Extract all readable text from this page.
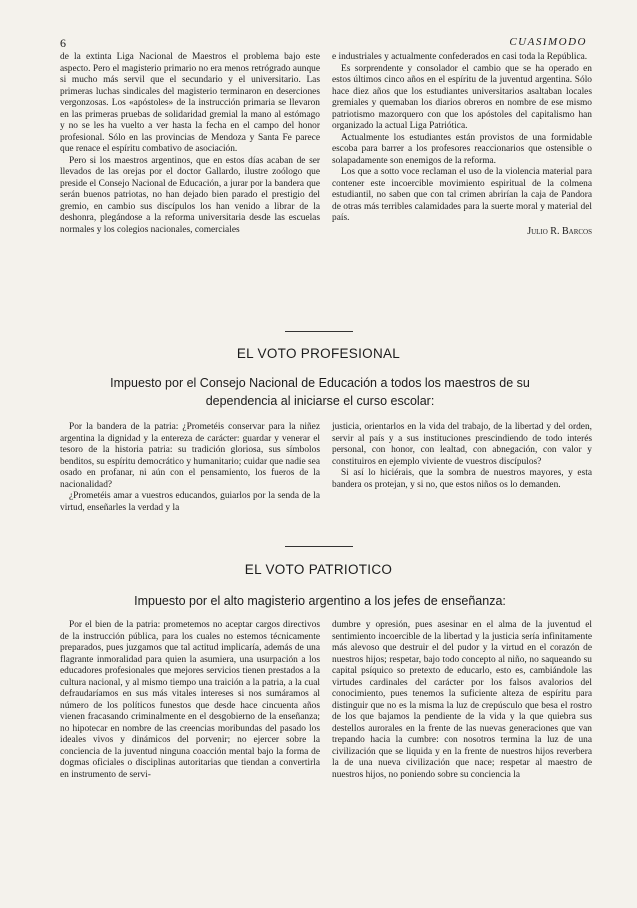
6	CUASIMODO

de la extinta Liga Nacional de Maestros el problema bajo este aspecto. Pero el magisterio primario no era menos retrógrado aunque si mucho más servil que el secundario y el universitario. Las primeras luchas sindicales del magisterio terminaron en deserciones vergonzosas. Los «apóstoles» de la instrucción primaria se llevaron en las primeras pruebas de solidaridad gremial la mano al estómago y no se les ha vuelto a ver hasta la fecha en el campo del honor profesional. Sólo en las provincias de Mendoza y Santa Fe parece que renace el espíritu combativo de asociación.

Pero si los maestros argentinos, que en estos días acaban de ser llevados de las orejas por el doctor Gallardo, ilustre zoólogo que preside el Consejo Nacional de Educación, a jurar por la bandera que serán buenos patriotas, no han dejado bien parado el prestigio del gremio, en cambio sus discípulos los han venido a librar de la deshonra, plegándose a la reforma universitaria desde las escuelas normales y los colegios nacionales, comerciales

e industriales y actualmente confederados en casi toda la República.

Es sorprendente y consolador el cambio que se ha operado en estos últimos cinco años en el espíritu de la juventud argentina. Sólo hace diez años que los estudiantes universitarios asaltaban locales gremiales y quemaban los diarios obreros en nombre de ese mismo patriotismo mazorquero con que los apóstoles del capitalismo han organizado la actual Liga Patriótica.

Actualmente los estudiantes están provistos de una formidable escoba para barrer a los profesores reaccionarios que ostensible o solapadamente son enemigos de la reforma.

Los que a sotto voce reclaman el uso de la violencia material para contener este incoercible movimiento espiritual de la colmena estudiantil, no saben que con tal crimen abrirían la caja de Pandora de otras más terribles calamidades para la suerte moral y material del país.

Julio R. Barcos
EL VOTO PROFESIONAL
Impuesto por el Consejo Nacional de Educación a todos los maestros de su
dependencia al iniciarse el curso escolar:

Por la bandera de la patria: ¿Prometéis conservar para la niñez argentina la dignidad y la entereza de carácter: guardar y venerar el tesoro de la historia patria: su tradición gloriosa, sus símbolos benditos, su espíritu democrático y humanitario; cuidar que nadie sea osado en profanar, ni aún con el pensamiento, los fueros de la nacionalidad?

¿Prometéis amar a vuestros educandos, guiarlos por la senda de la virtud, enseñarles la verdad y la

justicia, orientarlos en la vida del trabajo, de la libertad y del orden, servir al país y a sus instituciones prescindiendo de todo interés personal, con honor, con lealtad, con abnegación, con valor y constituiros en ejemplo viviente de vuestros discípulos?

Si así lo hiciérais, que la sombra de nuestros mayores, y esta bandera os protejan, y si no, que estos niños os lo demanden.

EL VOTO PATRIOTICO
Impuesto por el alto magisterio argentino a los jefes de enseñanza:

Por el bien de la patria: prometemos no aceptar cargos directivos de la instrucción pública, para los cuales no estemos técnicamente preparados, pues juzgamos que tal actitud implicaría, además de una flagrante inmoralidad para quien la asumiera, una usurpación a los educadores profesionales que mejores servicios tienen prestados a la cultura nacional, y al mismo tiempo una traición a la patria, a la cual defraudaríamos en sus más vitales intereses si nos sumáramos al número de los políticos funestos que desde hace cincuenta años vienen fracasando criminalmente en el desgobierno de la enseñanza; no hipotecar en nombre de las creencias moribundas del pasado los ideales vivos y dinámicos del porvenir; no ejercer sobre la conciencia de la juventud ninguna coacción mental bajo la forma de dogmas oficiales o disciplinas autoritarias que tiendan a convertirla en instrumento de servi-

dumbre y opresión, pues asesinar en el alma de la juventud el sentimiento incoercible de la libertad y la justicia sería infinitamente más alevoso que destruir el del pudor y la virtud en el corazón de nuestros hijos; respetar, bajo todo concepto al niño, no saqueando su capital psíquico so pretexto de educarlo, esto es, cambiándole las virtudes cardinales del carácter por los falsos avalorios del conocimiento, pues tenemos la suficiente alteza de espíritu para distinguir que no es la misma la luz de crepúsculo que besa el rostro de los que bajamos la pendiente de la vida y la que quiebra sus destellos aurorales en la frente de las nuevas generaciones que van trepando hacia la cumbre: con nosotros termina la luz de una civilización que se liquida y en la frente de nuestros hijos reverbera la de una nueva civilización que nace; respetar al maestro de nuestros hijos, no poniendo sobre su conciencia la
